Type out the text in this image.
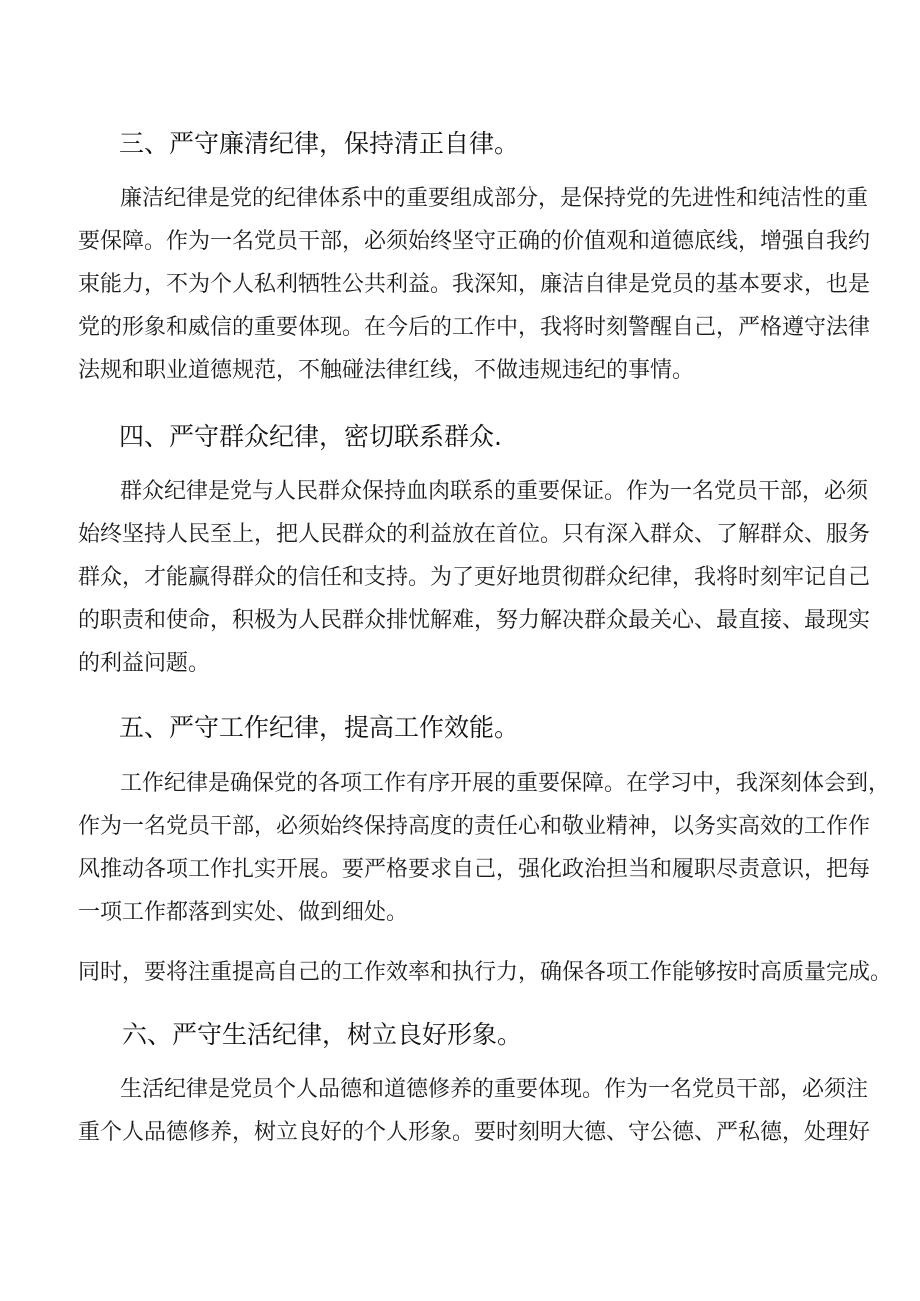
三、严守廉清纪律，保持清正自律。
廉洁纪律是党的纪律体系中的重要组成部分，是保持党的先进性和纯洁性的重
要保障。作为一名党员干部，必须始终坚守正确的价值观和道德底线，增强自我约
束能力，不为个人私利牺牲公共利益。我深知，廉洁自律是党员的基本要求，也是
党的形象和威信的重要体现。在今后的工作中，我将时刻警醒自己，严格遵守法律
法规和职业道德规范，不触碰法律红线，不做违规违纪的事情。
四、严守群众纪律，密切联系群众.
群众纪律是党与人民群众保持血肉联系的重要保证。作为一名党员干部，必须
始终坚持人民至上，把人民群众的利益放在首位。只有深入群众、了解群众、服务
群众，才能赢得群众的信任和支持。为了更好地贯彻群众纪律，我将时刻牢记自己
的职责和使命，积极为人民群众排忧解难，努力解决群众最关心、最直接、最现实
的利益问题。
五、严守工作纪律，提高工作效能。
工作纪律是确保党的各项工作有序开展的重要保障。在学习中，我深刻体会到，
作为一名党员干部，必须始终保持高度的责任心和敬业精神，以务实高效的工作作
风推动各项工作扎实开展。要严格要求自己，强化政治担当和履职尽责意识，把每
一项工作都落到实处、做到细处。
同时，要将注重提高自己的工作效率和执行力，确保各项工作能够按时高质量完成。
六、严守生活纪律，树立良好形象。
生活纪律是党员个人品德和道德修养的重要体现。作为一名党员干部，必须注
重个人品德修养，树立良好的个人形象。要时刻明大德、守公德、严私德，处理好
